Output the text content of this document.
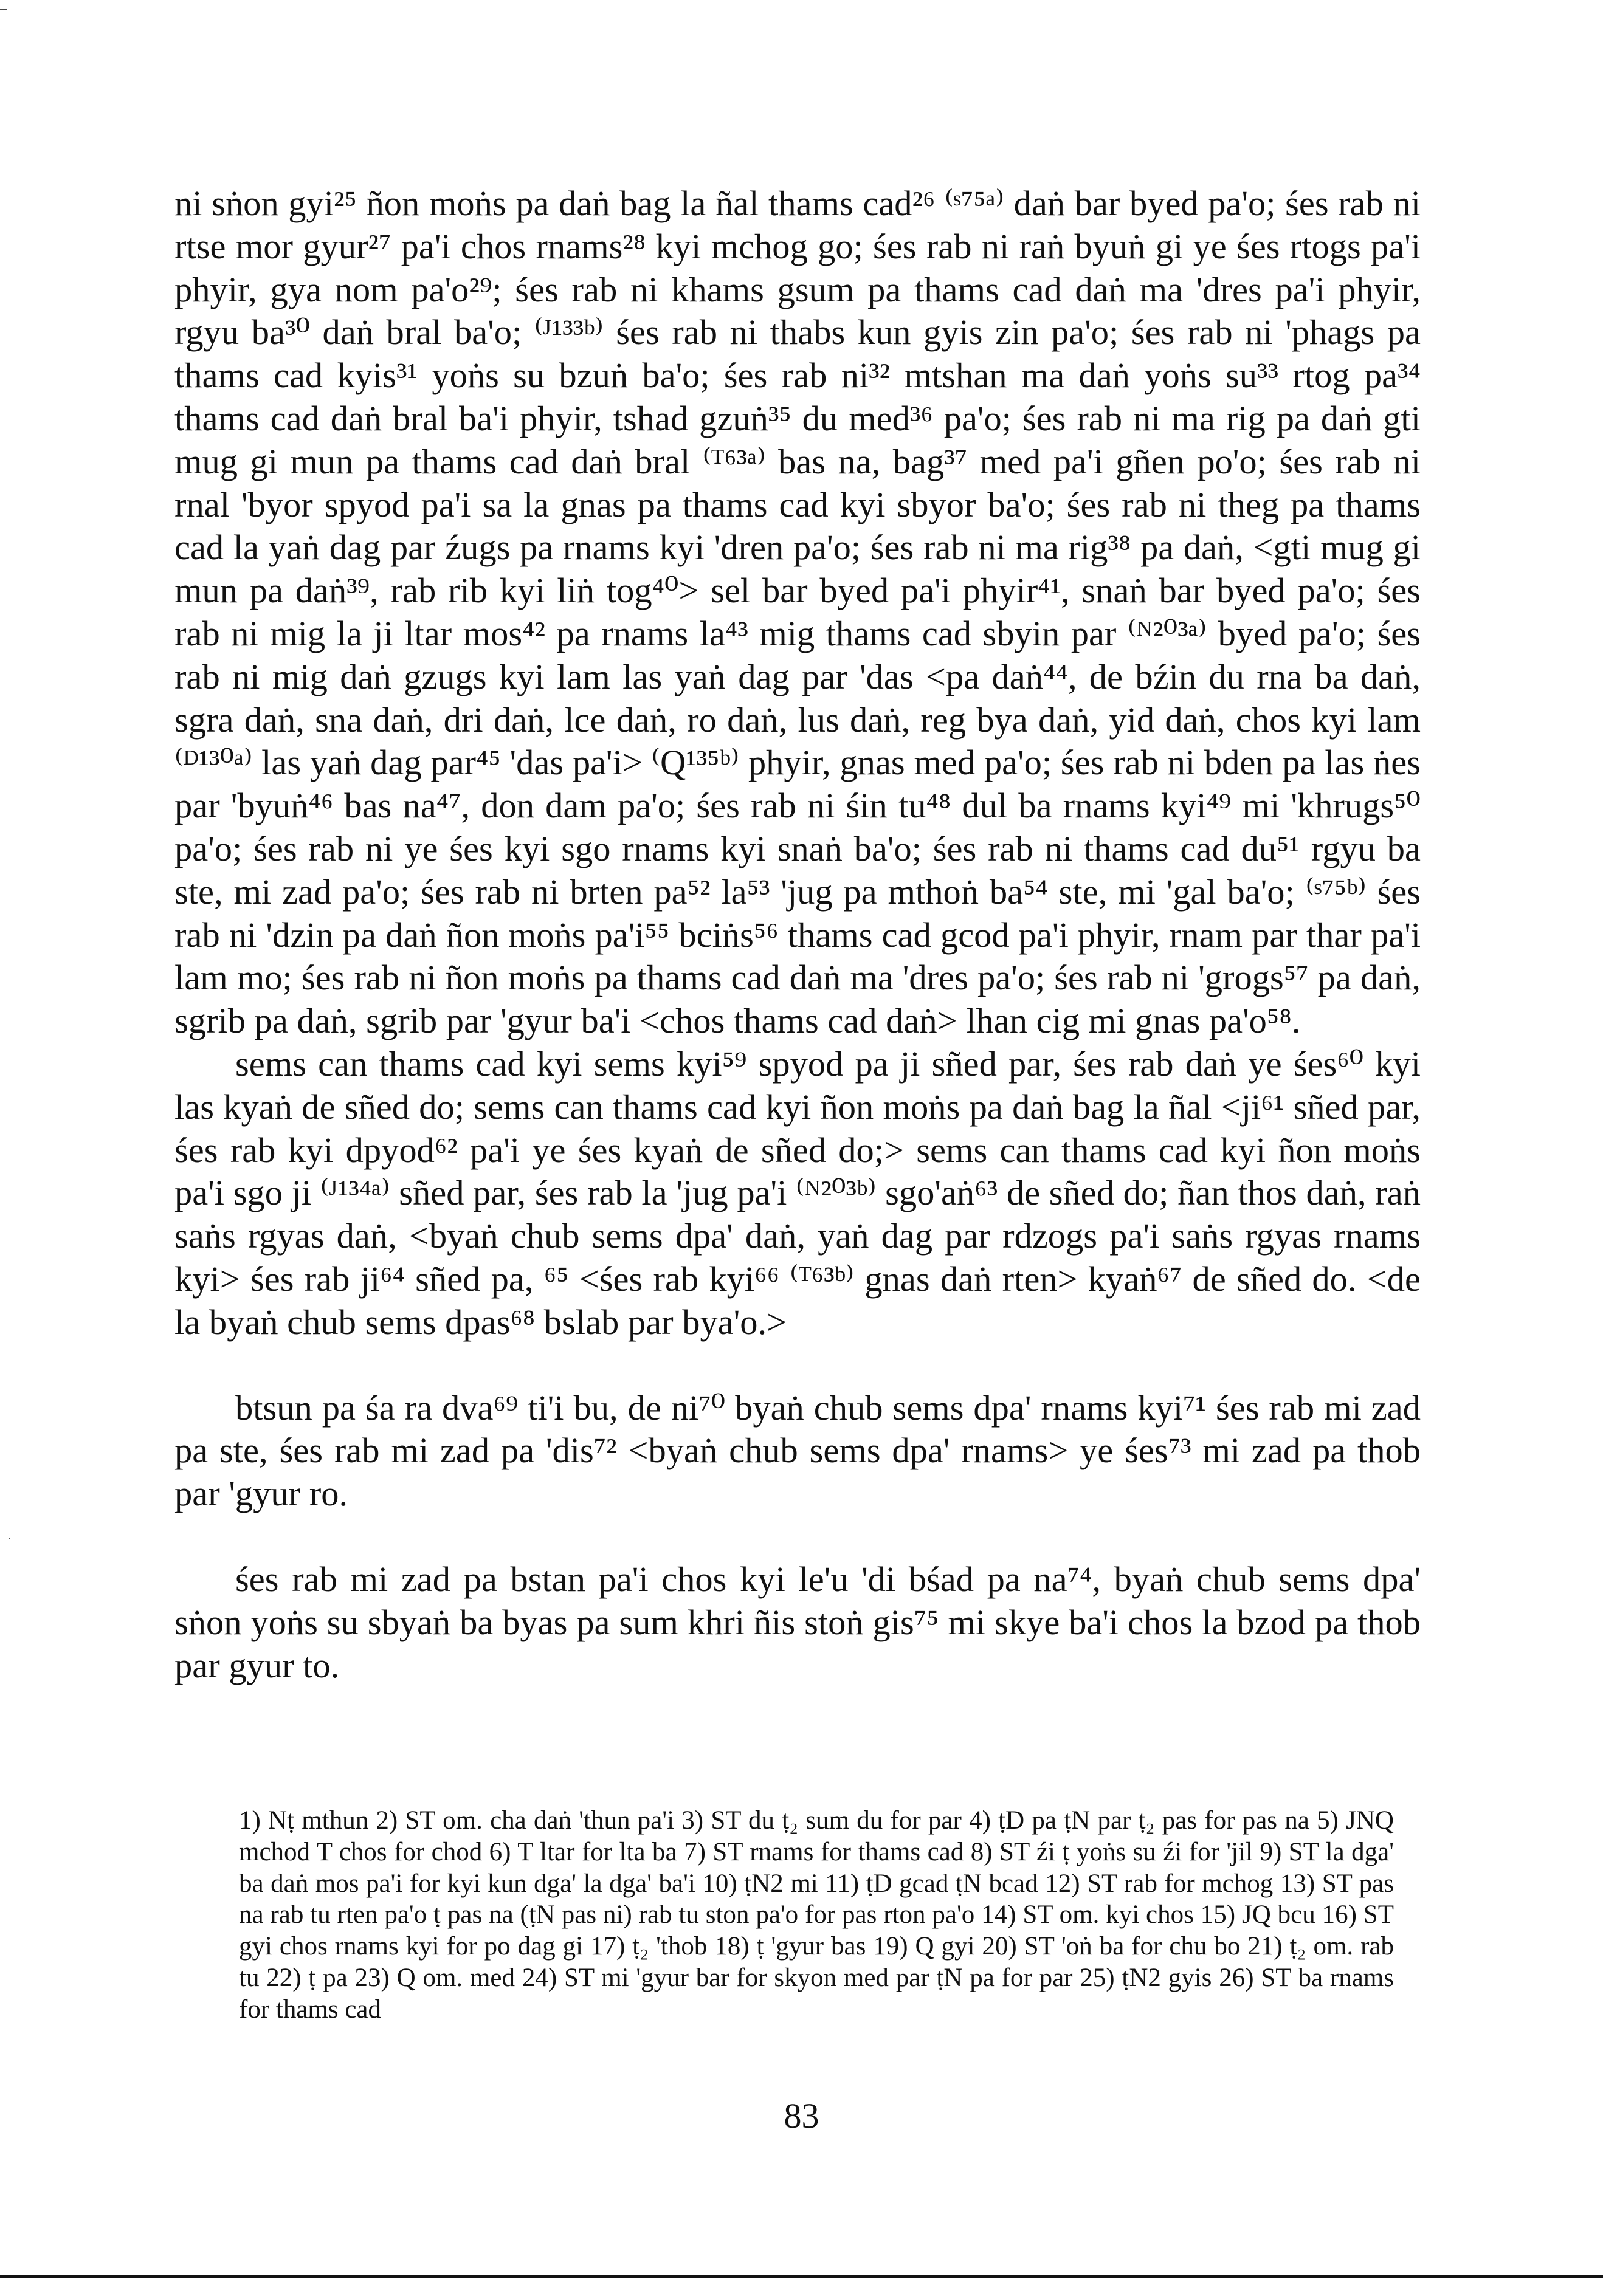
ni sṅon gyi²⁵ ñon moṅs pa daṅ bag la ñal thams cad²⁶ ⁽ˢ⁷⁵ᵃ⁾ daṅ bar byed pa'o; śes rab ni rtse mor gyur²⁷ pa'i chos rnams²⁸ kyi mchog go; śes rab ni raṅ byuṅ gi ye śes rtogs pa'i phyir, gya nom pa'o²⁹; śes rab ni khams gsum pa thams cad daṅ ma 'dres pa'i phyir, rgyu ba³⁰ daṅ bral ba'o; ⁽ᴶ¹³³ᵇ⁾ śes rab ni thabs kun gyis zin pa'o; śes rab ni 'phags pa thams cad kyis³¹ yoṅs su bzuṅ ba'o; śes rab ni³² mtshan ma daṅ yoṅs su³³ rtog pa³⁴ thams cad daṅ bral ba'i phyir, tshad gzuṅ³⁵ du med³⁶ pa'o; śes rab ni ma rig pa daṅ gti mug gi mun pa thams cad daṅ bral ⁽ᵀ⁶³ᵃ⁾ bas na, bag³⁷ med pa'i gñen po'o; śes rab ni rnal 'byor spyod pa'i sa la gnas pa thams cad kyi sbyor ba'o; śes rab ni theg pa thams cad la yaṅ dag par źugs pa rnams kyi 'dren pa'o; śes rab ni ma rig³⁸ pa daṅ, <gti mug gi mun pa daṅ³⁹, rab rib kyi liṅ tog⁴⁰> sel bar byed pa'i phyir⁴¹, snaṅ bar byed pa'o; śes rab ni mig la ji ltar mos⁴² pa rnams la⁴³ mig thams cad sbyin par ⁽ᴺ²⁰³ᵃ⁾ byed pa'o; śes rab ni mig daṅ gzugs kyi lam las yaṅ dag par 'das <pa daṅ⁴⁴, de bźin du rna ba daṅ, sgra daṅ, sna daṅ, dri daṅ, lce daṅ, ro daṅ, lus daṅ, reg bya daṅ, yid daṅ, chos kyi lam ⁽ᴰ¹³⁰ᵃ⁾ las yaṅ dag par⁴⁵ 'das pa'i> ⁽Q¹³⁵ᵇ⁾ phyir, gnas med pa'o; śes rab ni bden pa las ṅes par 'byuṅ⁴⁶ bas na⁴⁷, don dam pa'o; śes rab ni śin tu⁴⁸ dul ba rnams kyi⁴⁹ mi 'khrugs⁵⁰ pa'o; śes rab ni ye śes kyi sgo rnams kyi snaṅ ba'o; śes rab ni thams cad du⁵¹ rgyu ba ste, mi zad pa'o; śes rab ni brten pa⁵² la⁵³ 'jug pa mthoṅ ba⁵⁴ ste, mi 'gal ba'o; ⁽ˢ⁷⁵ᵇ⁾ śes rab ni 'dzin pa daṅ ñon moṅs pa'i⁵⁵ bciṅs⁵⁶ thams cad gcod pa'i phyir, rnam par thar pa'i lam mo; śes rab ni ñon moṅs pa thams cad daṅ ma 'dres pa'o; śes rab ni 'grogs⁵⁷ pa daṅ, sgrib pa daṅ, sgrib par 'gyur ba'i <chos thams cad daṅ> lhan cig mi gnas pa'o⁵⁸.

sems can thams cad kyi sems kyi⁵⁹ spyod pa ji sñed par, śes rab daṅ ye śes⁶⁰ kyi las kyaṅ de sñed do; sems can thams cad kyi ñon moṅs pa daṅ bag la ñal <ji⁶¹ sñed par, śes rab kyi dpyod⁶² pa'i ye śes kyaṅ de sñed do;> sems can thams cad kyi ñon moṅs pa'i sgo ji ⁽ᴶ¹³⁴ᵃ⁾ sñed par, śes rab la 'jug pa'i ⁽ᴺ²⁰³ᵇ⁾ sgo'aṅ⁶³ de sñed do; ñan thos daṅ, raṅ saṅs rgyas daṅ, <byaṅ chub sems dpa' daṅ, yaṅ dag par rdzogs pa'i saṅs rgyas rnams kyi> śes rab ji⁶⁴ sñed pa, ⁶⁵ <śes rab kyi⁶⁶ ⁽ᵀ⁶³ᵇ⁾ gnas daṅ rten> kyaṅ⁶⁷ de sñed do. <de la byaṅ chub sems dpas⁶⁸ bslab par bya'o.>

btsun pa śa ra dva⁶⁹ ti'i bu, de ni⁷⁰ byaṅ chub sems dpa' rnams kyi⁷¹ śes rab mi zad pa ste, śes rab mi zad pa 'dis⁷² <byaṅ chub sems dpa' rnams> ye śes⁷³ mi zad pa thob par 'gyur ro.

śes rab mi zad pa bstan pa'i chos kyi le'u 'di bśad pa na⁷⁴, byaṅ chub sems dpa' sṅon yoṅs su sbyaṅ ba byas pa sum khri ñis stoṅ gis⁷⁵ mi skye ba'i chos la bzod pa thob par gyur to.

1) Nṭ mthun 2) ST om. cha daṅ 'thun pa'i 3) ST du ṭ₂ sum du for par 4) ṭD pa ṭN par ṭ₂ pas for pas na 5) JNQ mchod T chos for chod 6) T ltar for lta ba 7) ST rnams for thams cad 8) ST źi ṭ yoṅs su źi for 'jil 9) ST la dga' ba daṅ mos pa'i for kyi kun dga' la dga' ba'i 10) ṭN2 mi 11) ṭD gcad ṭN bcad 12) ST rab for mchog 13) ST pas na rab tu rten pa'o ṭ pas na (ṭN pas ni) rab tu ston pa'o for pas rton pa'o 14) ST om. kyi chos 15) JQ bcu 16) ST gyi chos rnams kyi for po dag gi 17) ṭ₂ 'thob 18) ṭ 'gyur bas 19) Q gyi 20) ST 'oṅ ba for chu bo 21) ṭ₂ om. rab tu 22) ṭ pa 23) Q om. med 24) ST mi 'gyur bar for skyon med par ṭN pa for par 25) ṭN2 gyis 26) ST ba rnams for thams cad
83
